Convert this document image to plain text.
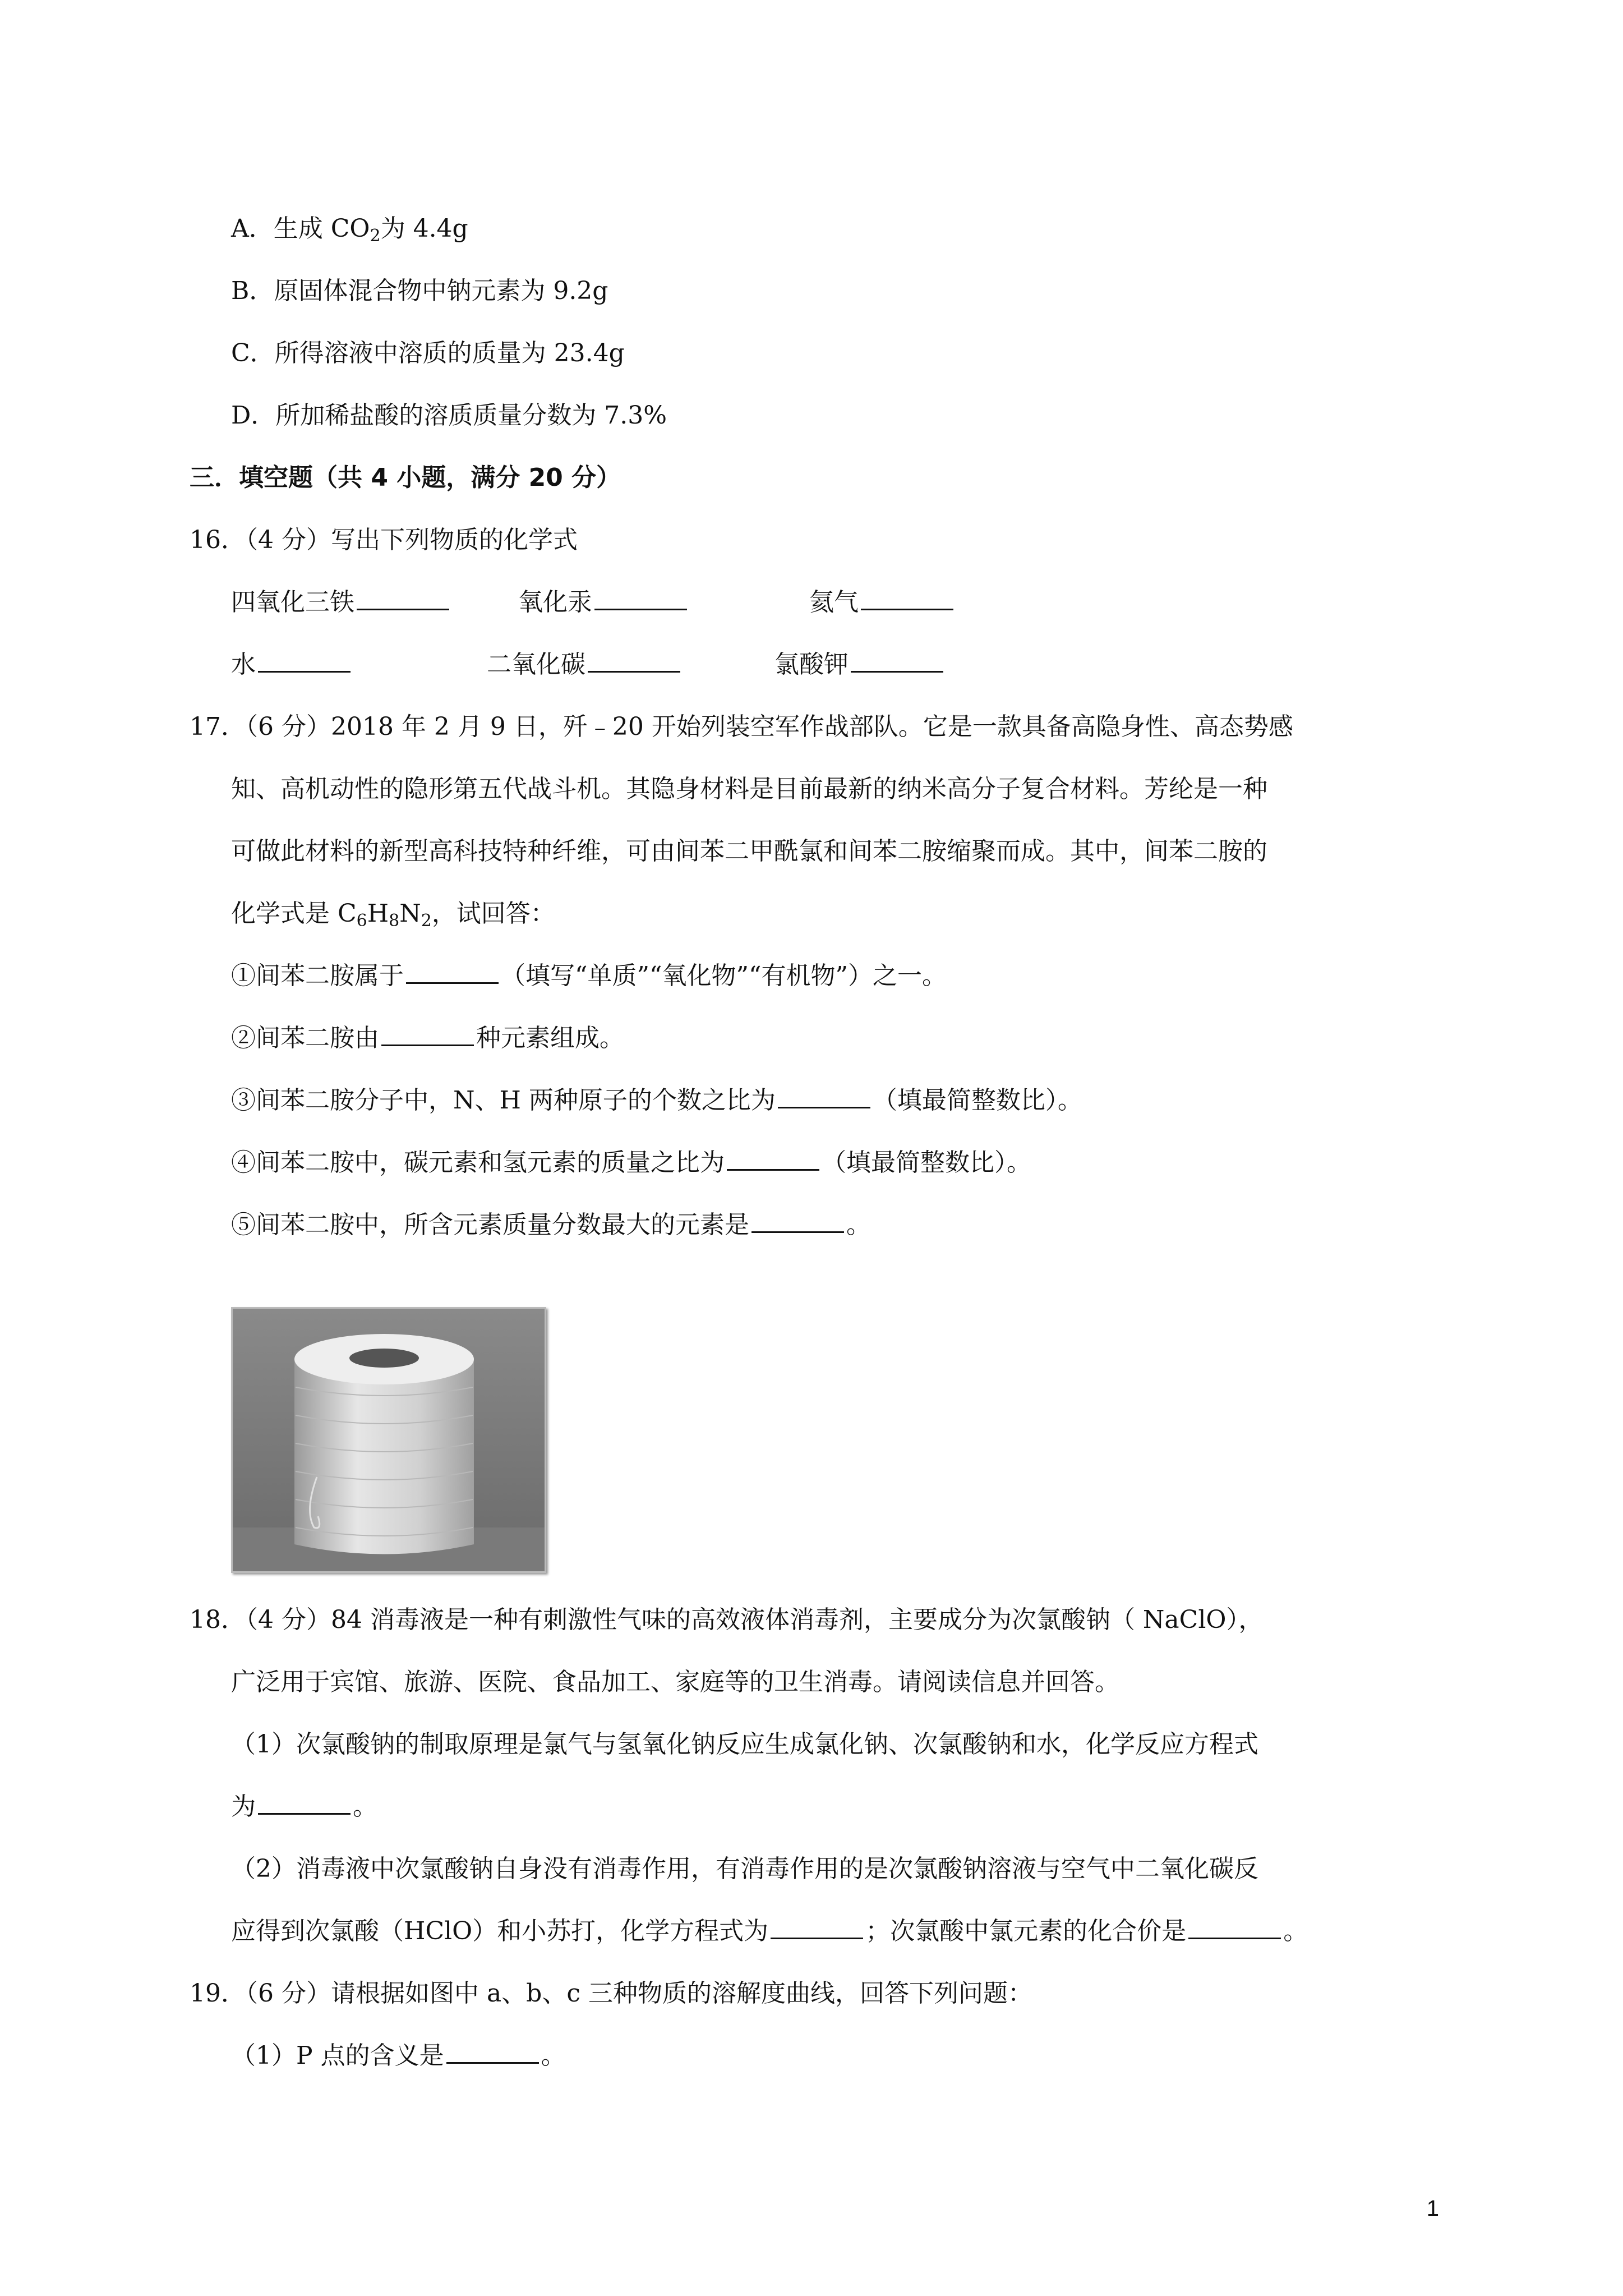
A．生成 $CO_2$为 4.4g
B．原固体混合物中钠元素为 9.2g
C．所得溶液中溶质的质量为 23.4g
D．所加稀盐酸的溶质质量分数为 7.3%
三．填空题（共 4 小题，满分 20 分）
16．（4 分）写出下列物质的化学式
四氧化三铁	氧化汞	氦气
水	二氧化碳	氯酸钾
17．（6 分）2018 年 2 月 9 日，歼﹣20 开始列装空军作战部队。它是一款具备高隐身性、高态势感
知、高机动性的隐形第五代战斗机。其隐身材料是目前最新的纳米高分子复合材料。芳纶是一种
可做此材料的新型高科技特种纤维，可由间苯二甲酰氯和间苯二胺缩聚而成。其中，间苯二胺的
化学式是 $C_6H_8N_2$，试回答：
①间苯二胺属于	（填写“单质”“氧化物”“有机物”）之一。
②间苯二胺由	种元素组成。
③间苯二胺分子中，N、H 两种原子的个数之比为	（填最简整数比）。
④间苯二胺中，碳元素和氢元素的质量之比为	（填最简整数比）。
⑤间苯二胺中，所含元素质量分数最大的元素是	。
18．（4 分）84 消毒液是一种有刺激性气味的高效液体消毒剂，主要成分为次氯酸钠（ NaClO），
广泛用于宾馆、旅游、医院、食品加工、家庭等的卫生消毒。请阅读信息并回答。
（1）次氯酸钠的制取原理是氯气与氢氧化钠反应生成氯化钠、次氯酸钠和水，化学反应方程式
为	。
（2）消毒液中次氯酸钠自身没有消毒作用，有消毒作用的是次氯酸钠溶液与空气中二氧化碳反
应得到次氯酸（HClO）和小苏打，化学方程式为	；次氯酸中氯元素的化合价是	。
19．（6 分）请根据如图中 a、b、c 三种物质的溶解度曲线，回答下列问题：
（1）P 点的含义是	。
1
